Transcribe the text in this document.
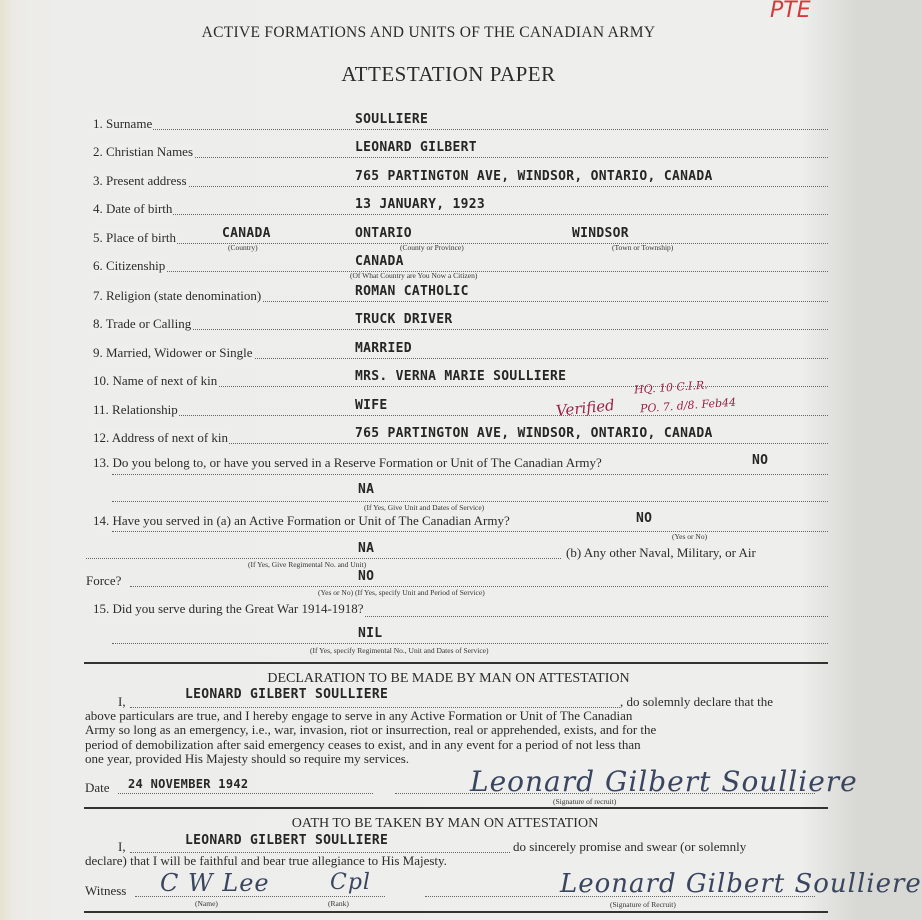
PTE
ACTIVE FORMATIONS AND UNITS OF THE CANADIAN ARMY
ATTESTATION PAPER
1. Surname	SOULLIERE
2. Christian Names	LEONARD GILBERT
3. Present address	765 PARTINGTON AVE, WINDSOR, ONTARIO, CANADA
4. Date of birth	13 JANUARY, 1923
5. Place of birth	CANADA	ONTARIO	WINDSOR
(Country)	(County or Province)	(Town or Township)
6. Citizenship	CANADA
(Of What Country are You Now a Citizen)
7. Religion (state denomination)	ROMAN CATHOLIC
8. Trade or Calling	TRUCK DRIVER
9. Married, Widower or Single	MARRIED
10. Name of next of kin	MRS. VERNA MARIE SOULLIERE
11. Relationship	WIFE
12. Address of next of kin	765 PARTINGTON AVE, WINDSOR, ONTARIO, CANADA
Verified
HQ. 10 C.I.R.
PO. 7. d/8. Feb44
13. Do you belong to, or have you served in a Reserve Formation or Unit of The Canadian Army?	NO
NA
(If Yes, Give Unit and Dates of Service)
14. Have you served in (a) an Active Formation or Unit of The Canadian Army?	NO
(Yes or No)
NA
(If Yes, Give Regimental No. and Unit)
(b) Any other Naval, Military, or Air
Force?	NO
(Yes or No) (If Yes, specify Unit and Period of Service)
15. Did you serve during the Great War 1914-1918?
NIL
(If Yes, specify Regimental No., Unit and Dates of Service)
DECLARATION TO BE MADE BY MAN ON ATTESTATION
I,	LEONARD GILBERT SOULLIERE	, do solemnly declare that the
above particulars are true, and I hereby engage to serve in any Active Formation or Unit of The Canadian
Army so long as an emergency, i.e., war, invasion, riot or insurrection, real or apprehended, exists, and for the
period of demobilization after said emergency ceases to exist, and in any event for a period of not less than
one year, provided His Majesty should so require my services.
Date 24 NOVEMBER 1942	Leonard Gilbert Soulliere
(Signature of recruit)
OATH TO BE TAKEN BY MAN ON ATTESTATION
I,	LEONARD GILBERT SOULLIERE	do sincerely promise and swear (or solemnly
declare) that I will be faithful and bear true allegiance to His Majesty.
Witness C W Lee	Cpl
(Name)	(Rank)
Leonard Gilbert Soulliere
(Signature of Recruit)
